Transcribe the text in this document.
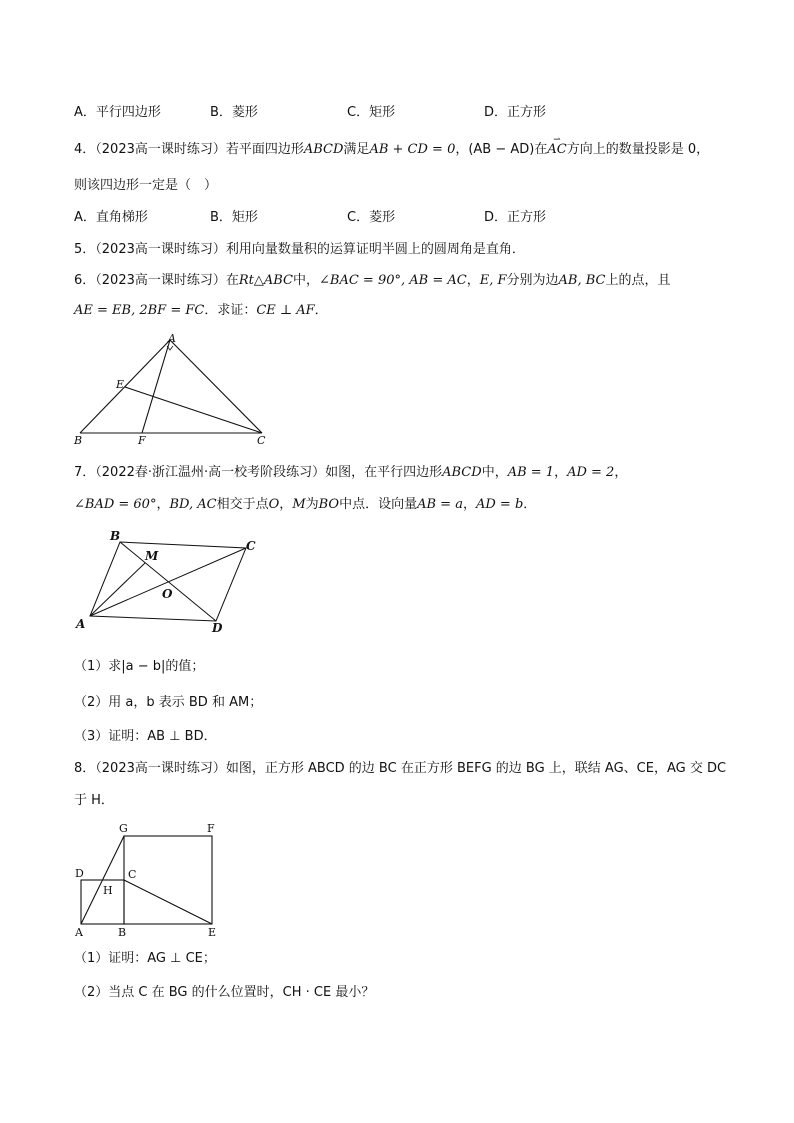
A．平行四边形	B．菱形	C．矩形	D．正方形
4．（2023高一课时练习）若平面四边形ABCD满足AB + CD = 0，(AB − AD)在⇀ AC方向上的数量投影是 0，
则该四边形一定是（　）
A．直角梯形	B．矩形	C．菱形	D．正方形
5．（2023高一课时练习）利用向量数量积的运算证明半圆上的圆周角是直角．
6．（2023高一课时练习）在Rt△ABC中，∠BAC = 90°, AB = AC，E, F分别为边AB, BC上的点，且
AE = EB, 2BF = FC．求证：CE ⊥ AF．
A
B	C
E
F
7．（2022春·浙江温州·高一校考阶段练习）如图，在平行四边形ABCD中，AB = 1，AD = 2，
∠BAD = 60°，BD, AC相交于点O，M为BO中点．设向量AB = a，AD = b．
A
B
C
D
M
O
（1）求|a − b|的值；
（2）用 a，b 表示 BD 和 AM；
（3）证明：AB ⊥ BD．
8．（2023高一课时练习）如图，正方形 ABCD 的边 BC 在正方形 BEFG 的边 BG 上，联结 AG、CE，AG 交 DC
于 H．
A	B
C
D
E
F
G
H
（1）证明：AG ⊥ CE；
（2）当点 C 在 BG 的什么位置时，CH · CE 最小？
